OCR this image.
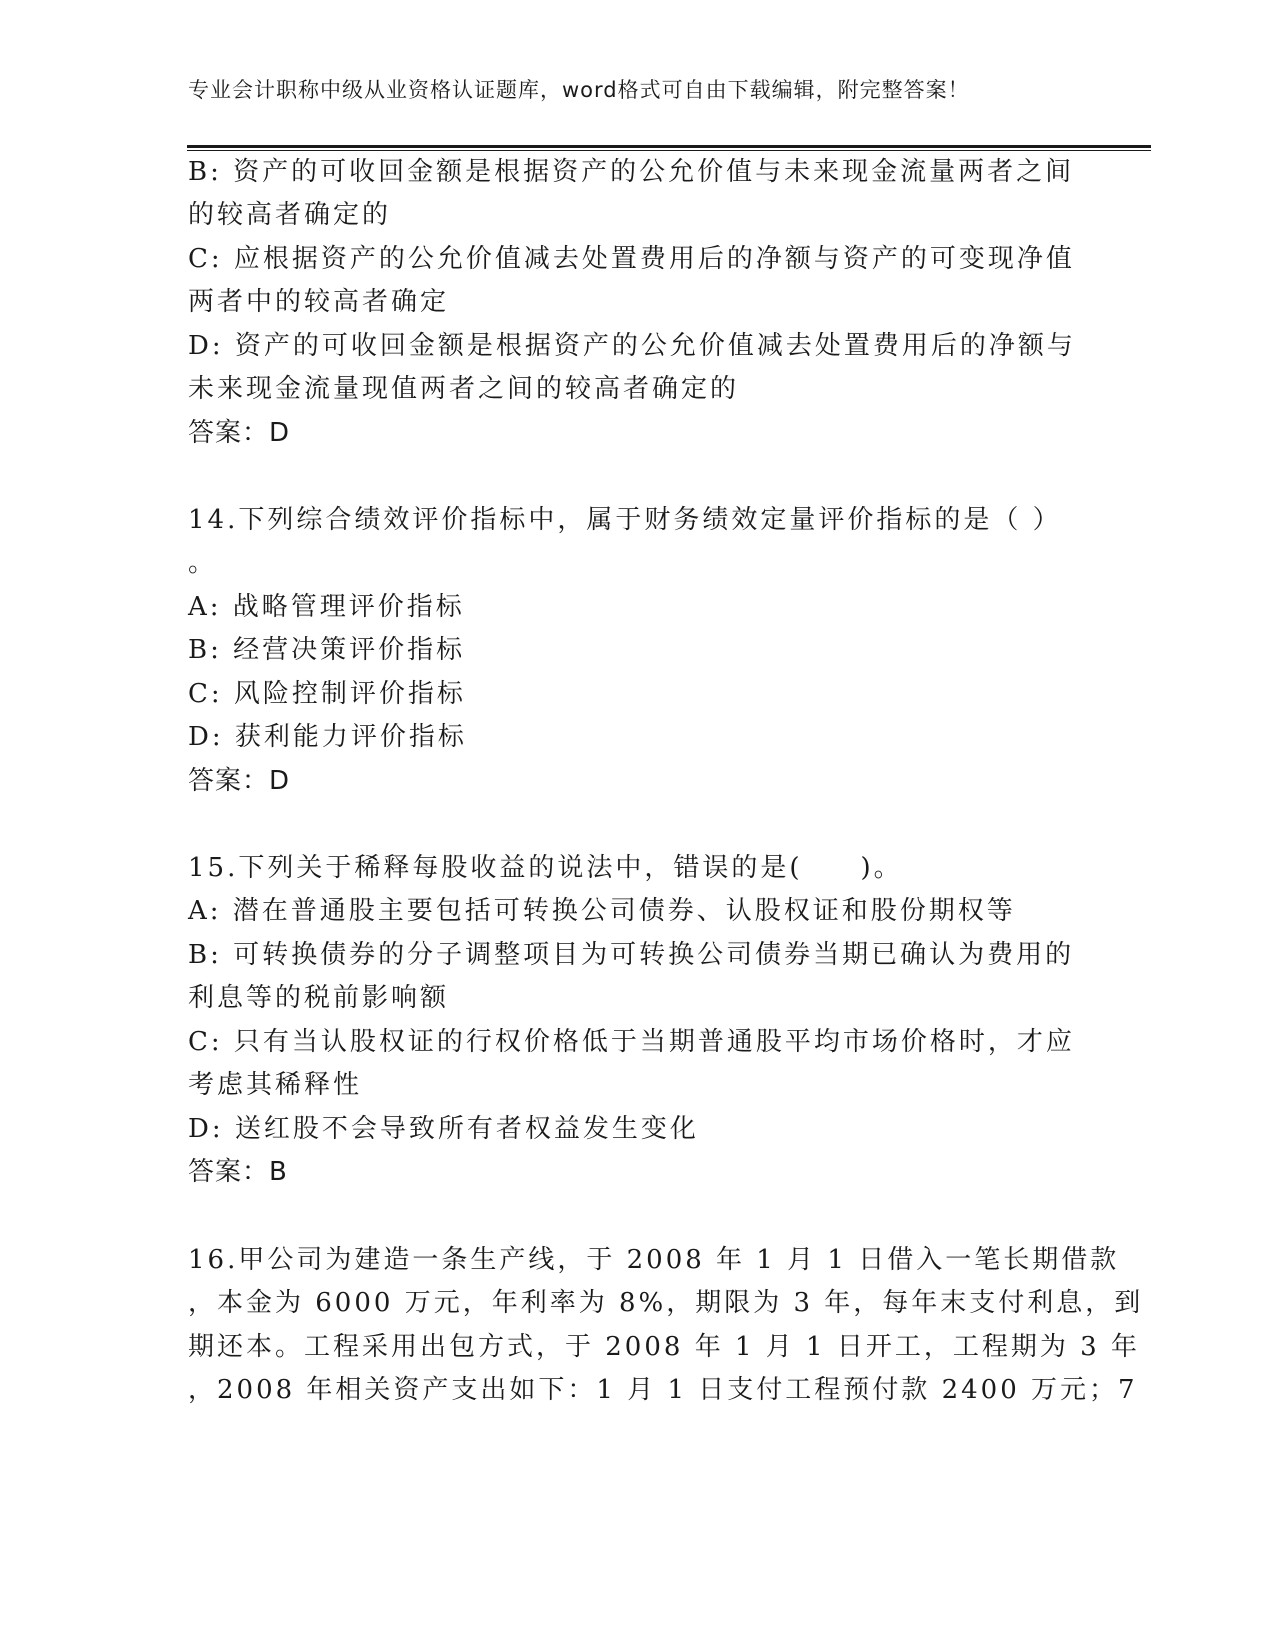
专业会计职称中级从业资格认证题库，word格式可自由下载编辑，附完整答案！
B: 资产的可收回金额是根据资产的公允价值与未来现金流量两者之间
的较高者确定的
C: 应根据资产的公允价值减去处置费用后的净额与资产的可变现净值
两者中的较高者确定
D: 资产的可收回金额是根据资产的公允价值减去处置费用后的净额与
未来现金流量现值两者之间的较高者确定的
答案：D
14.下列综合绩效评价指标中，属于财务绩效定量评价指标的是（ ）
。
A: 战略管理评价指标
B: 经营决策评价指标
C: 风险控制评价指标
D: 获利能力评价指标
答案：D
15.下列关于稀释每股收益的说法中，错误的是(　　)。
A: 潜在普通股主要包括可转换公司债券、认股权证和股份期权等
B: 可转换债券的分子调整项目为可转换公司债券当期已确认为费用的
利息等的税前影响额
C: 只有当认股权证的行权价格低于当期普通股平均市场价格时，才应
考虑其稀释性
D: 送红股不会导致所有者权益发生变化
答案：B
16.甲公司为建造一条生产线，于 2008 年 1 月 1 日借入一笔长期借款
，本金为 6000 万元，年利率为 8%，期限为 3 年，每年末支付利息，到
期还本。工程采用出包方式，于 2008 年 1 月 1 日开工，工程期为 3 年
，2008 年相关资产支出如下：1 月 1 日支付工程预付款 2400 万元；7
